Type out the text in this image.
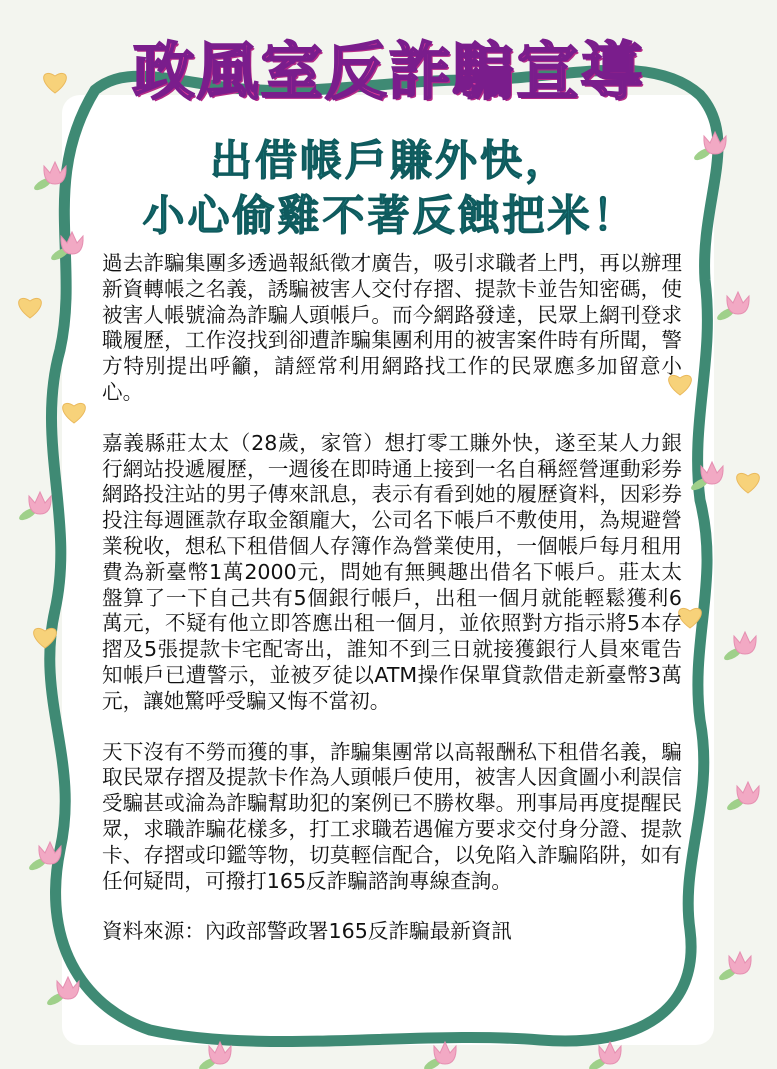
政風室反詐騙宣導
出借帳戶賺外快，
小心偷雞不著反蝕把米！

過去詐騙集團多透過報紙徵才廣告，吸引求職者上門，再以辦理新資轉帳之名義，誘騙被害人交付存摺、提款卡並告知密碼，使被害人帳號淪為詐騙人頭帳戶。而今網路發達，民眾上網刊登求職履歷，工作沒找到卻遭詐騙集團利用的被害案件時有所聞，警方特別提出呼籲，請經常利用網路找工作的民眾應多加留意小心。

嘉義縣莊太太（28歲，家管）想打零工賺外快，遂至某人力銀行網站投遞履歷，一週後在即時通上接到一名自稱經營運動彩券網路投注站的男子傳來訊息，表示有看到她的履歷資料，因彩券投注每週匯款存取金額龐大，公司名下帳戶不敷使用，為規避營業稅收，想私下租借個人存簿作為營業使用，一個帳戶每月租用費為新臺幣1萬2000元，問她有無興趣出借名下帳戶。莊太太盤算了一下自己共有5個銀行帳戶，出租一個月就能輕鬆獲利6萬元，不疑有他立即答應出租一個月，並依照對方指示將5本存摺及5張提款卡宅配寄出，誰知不到三日就接獲銀行人員來電告知帳戶已遭警示，並被歹徒以ATM操作保單貸款借走新臺幣3萬元，讓她驚呼受騙又悔不當初。

天下沒有不勞而獲的事，詐騙集團常以高報酬私下租借名義，騙取民眾存摺及提款卡作為人頭帳戶使用，被害人因貪圖小利誤信受騙甚或淪為詐騙幫助犯的案例已不勝枚舉。刑事局再度提醒民眾，求職詐騙花樣多，打工求職若遇僱方要求交付身分證、提款卡、存摺或印鑑等物，切莫輕信配合，以免陷入詐騙陷阱，如有任何疑問，可撥打165反詐騙諮詢專線查詢。

資料來源：內政部警政署165反詐騙最新資訊
